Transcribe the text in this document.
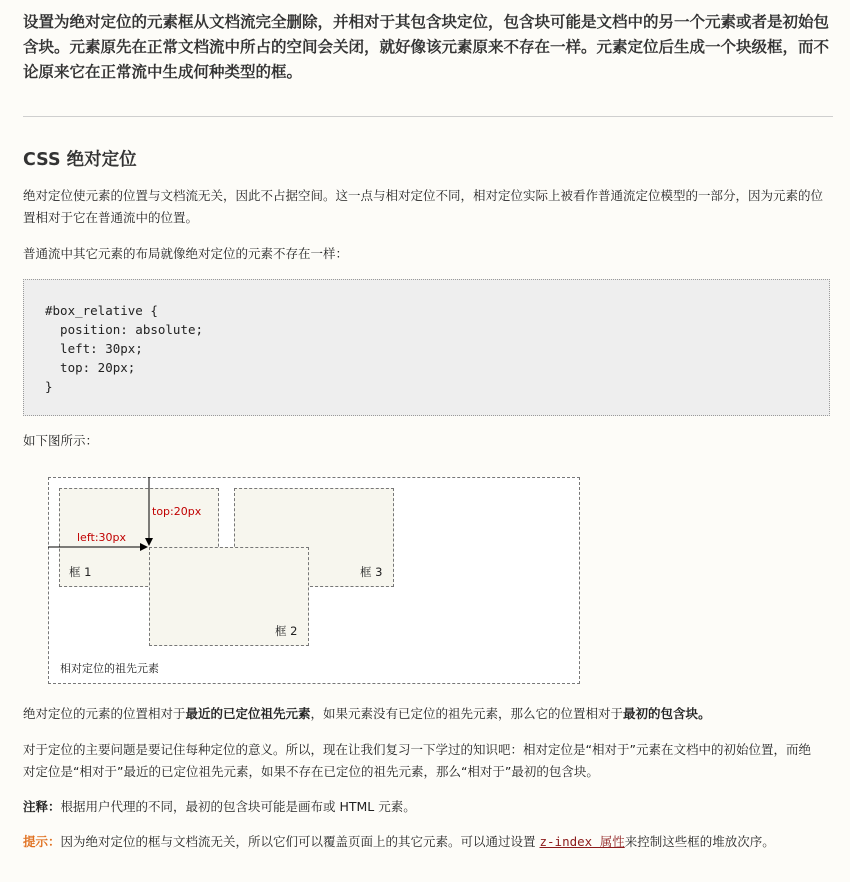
设置为绝对定位的元素框从文档流完全删除，并相对于其包含块定位，包含块可能是文档中的另一个元素或者是初始包含块。元素原先在正常文档流中所占的空间会关闭，就好像该元素原来不存在一样。元素定位后生成一个块级框，而不论原来它在正常流中生成何种类型的框。
CSS 绝对定位

绝对定位使元素的位置与文档流无关，因此不占据空间。这一点与相对定位不同，相对定位实际上被看作普通流定位模型的一部分，因为元素的位置相对于它在普通流中的位置。

普通流中其它元素的布局就像绝对定位的元素不存在一样：

#box_relative {
position: absolute;
left: 30px;
top: 20px;
}

如下图所示：

top:20px
left:30px
框 1	框 3
框 2
相对定位的祖先元素

绝对定位的元素的位置相对于最近的已定位祖先元素，如果元素没有已定位的祖先元素，那么它的位置相对于最初的包含块。

对于定位的主要问题是要记住每种定位的意义。所以，现在让我们复习一下学过的知识吧：相对定位是“相对于”元素在文档中的初始位置，而绝对定位是“相对于”最近的已定位祖先元素，如果不存在已定位的祖先元素，那么“相对于”最初的包含块。

注释：根据用户代理的不同，最初的包含块可能是画布或 HTML 元素。

提示：因为绝对定位的框与文档流无关，所以它们可以覆盖页面上的其它元素。可以通过设置 z-index 属性来控制这些框的堆放次序。
